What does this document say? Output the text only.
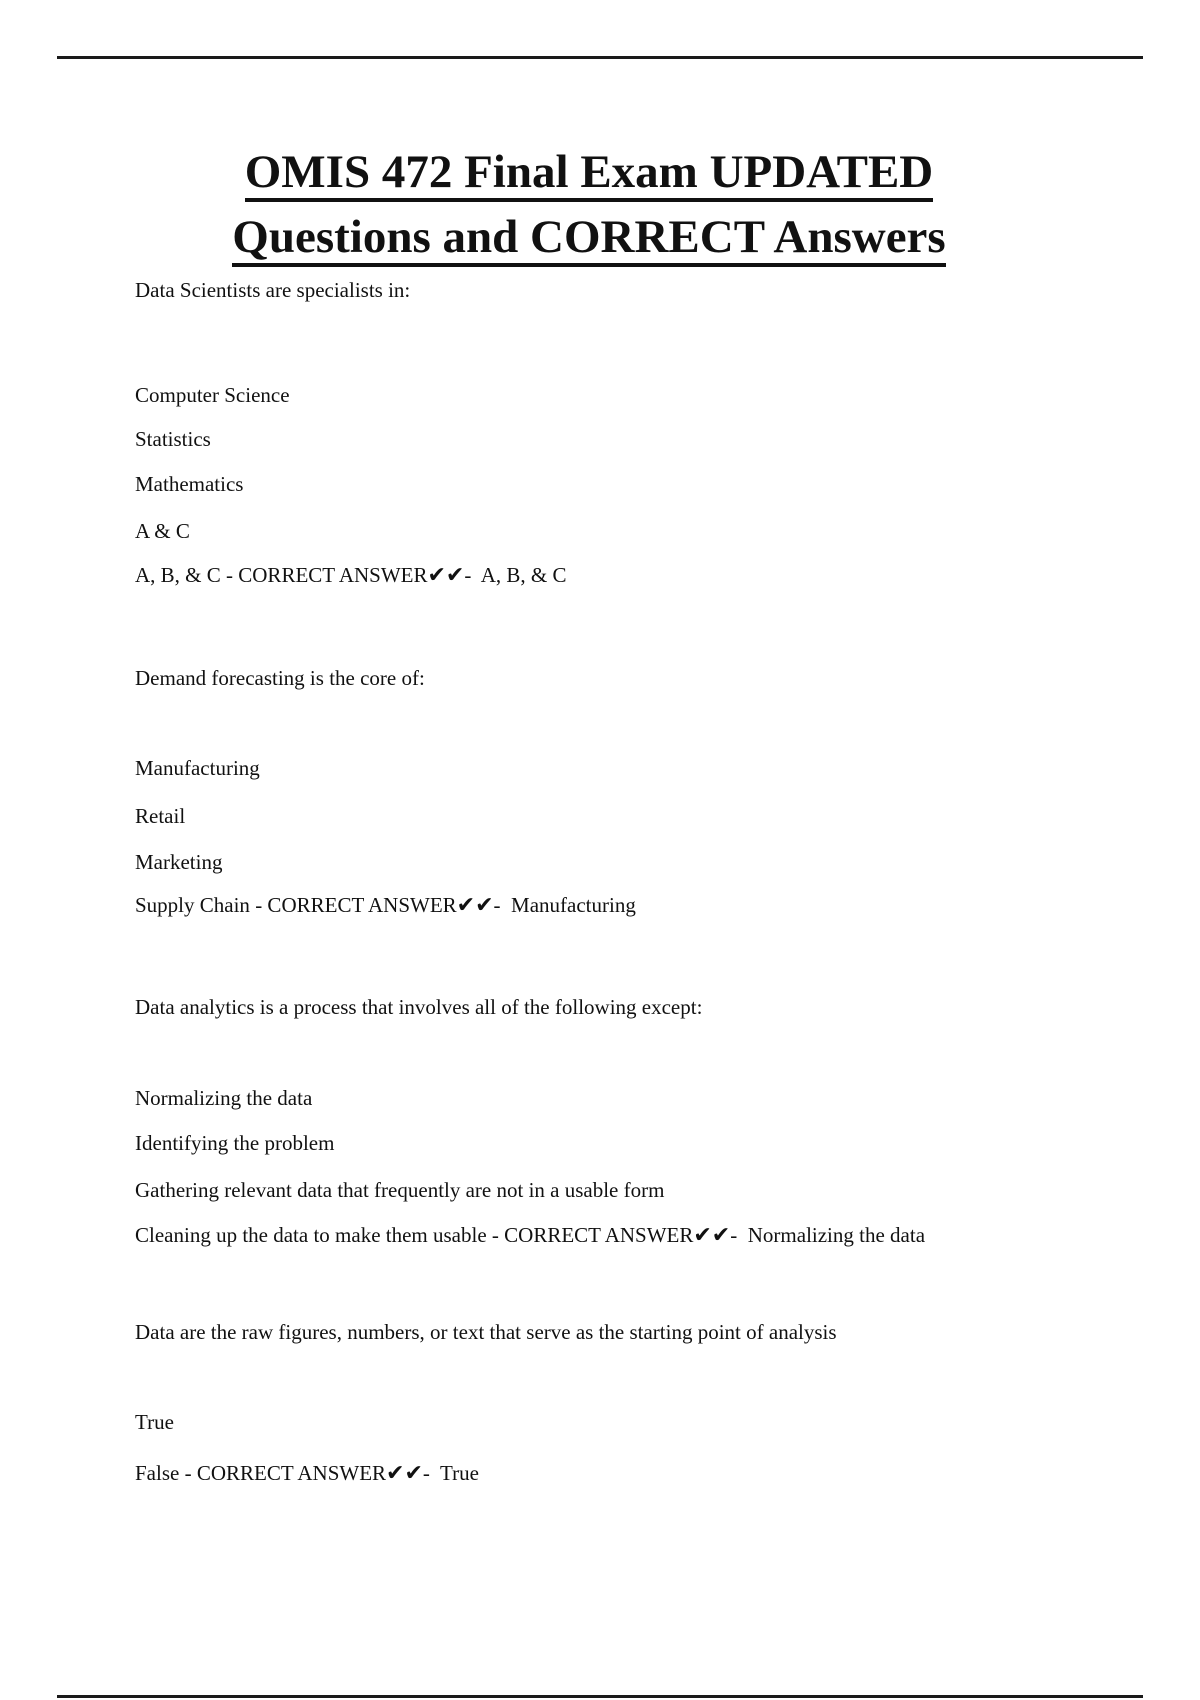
OMIS 472 Final Exam UPDATED
Questions and CORRECT Answers
Data Scientists are specialists in:
Computer Science
Statistics
Mathematics
A & C
A, B, & C - CORRECT ANSWER✔✔-  A, B, & C
Demand forecasting is the core of:
Manufacturing
Retail
Marketing
Supply Chain - CORRECT ANSWER✔✔-  Manufacturing
Data analytics is a process that involves all of the following except:
Normalizing the data
Identifying the problem
Gathering relevant data that frequently are not in a usable form
Cleaning up the data to make them usable - CORRECT ANSWER✔✔-  Normalizing the data
Data are the raw figures, numbers, or text that serve as the starting point of analysis
True
False - CORRECT ANSWER✔✔-  True
